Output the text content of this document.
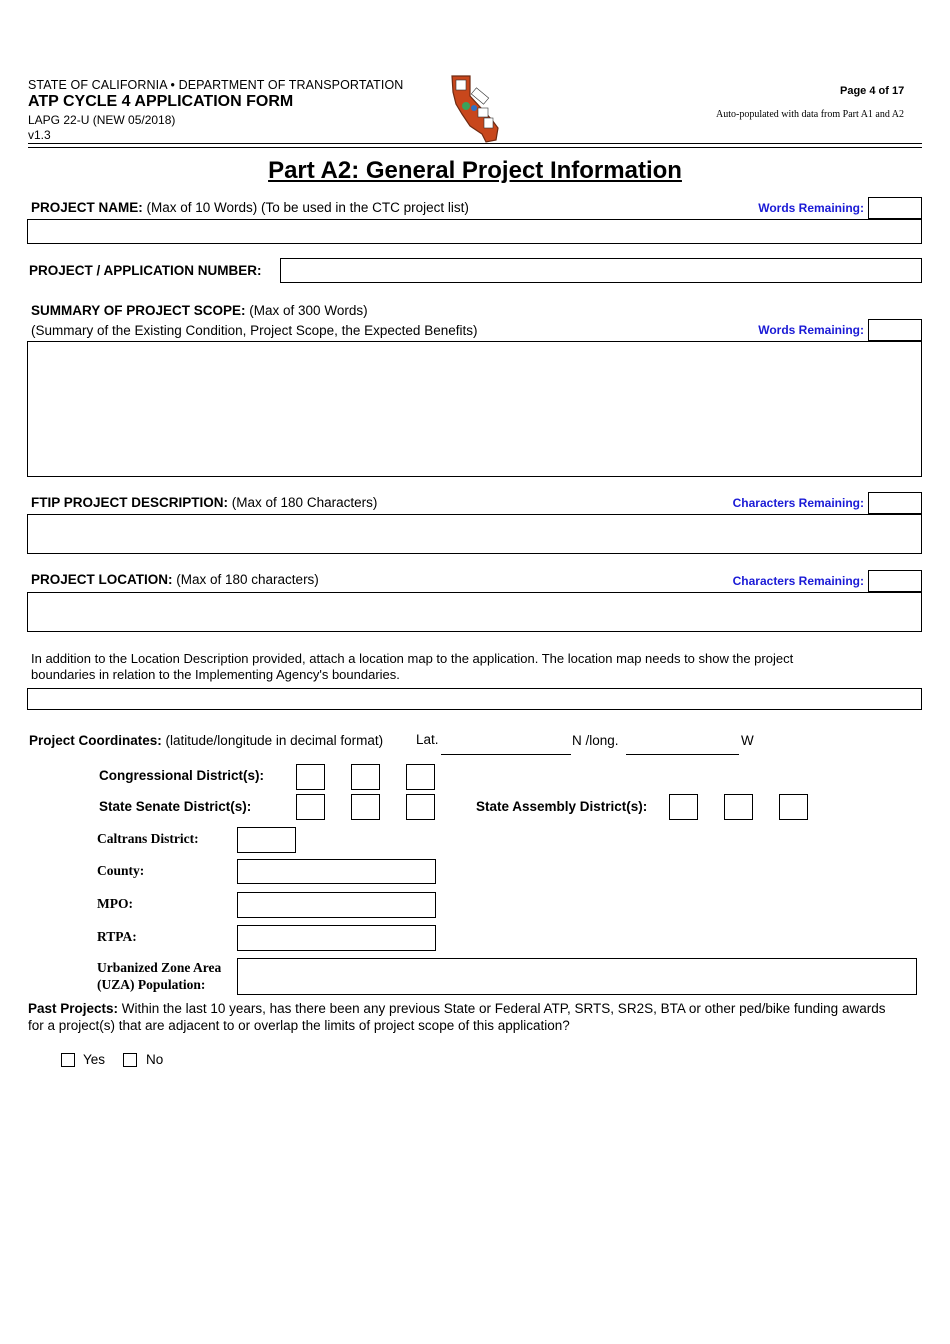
STATE OF CALIFORNIA • DEPARTMENT OF TRANSPORTATION
ATP CYCLE 4 APPLICATION FORM
LAPG 22-U (NEW 05/2018)
v1.3
Page 4 of 17
Auto-populated with data from Part A1 and A2
Part A2: General Project Information
PROJECT NAME: (Max of 10 Words) (To be used in the CTC project list)	Words Remaining:
PROJECT / APPLICATION NUMBER:
SUMMARY OF PROJECT SCOPE: (Max of 300 Words)
(Summary of the Existing Condition, Project Scope, the Expected Benefits)	Words Remaining:
FTIP PROJECT DESCRIPTION: (Max of 180 Characters)	Characters Remaining:
PROJECT LOCATION: (Max of 180 characters)	Characters Remaining:
In addition to the Location Description provided, attach a location map to the application. The location map needs to show the project
boundaries in relation to the Implementing Agency's boundaries.
Project Coordinates: (latitude/longitude in decimal format) Lat.	N /long.	W
Congressional District(s):
State Senate District(s):	State Assembly District(s):
Caltrans District:
County:
MPO:
RTPA:
Urbanized Zone Area
(UZA) Population:
Past Projects: Within the last 10 years, has there been any previous State or Federal ATP, SRTS, SR2S, BTA or other ped/bike funding awards
for a project(s) that are adjacent to or overlap the limits of project scope of this application?
Yes	No
